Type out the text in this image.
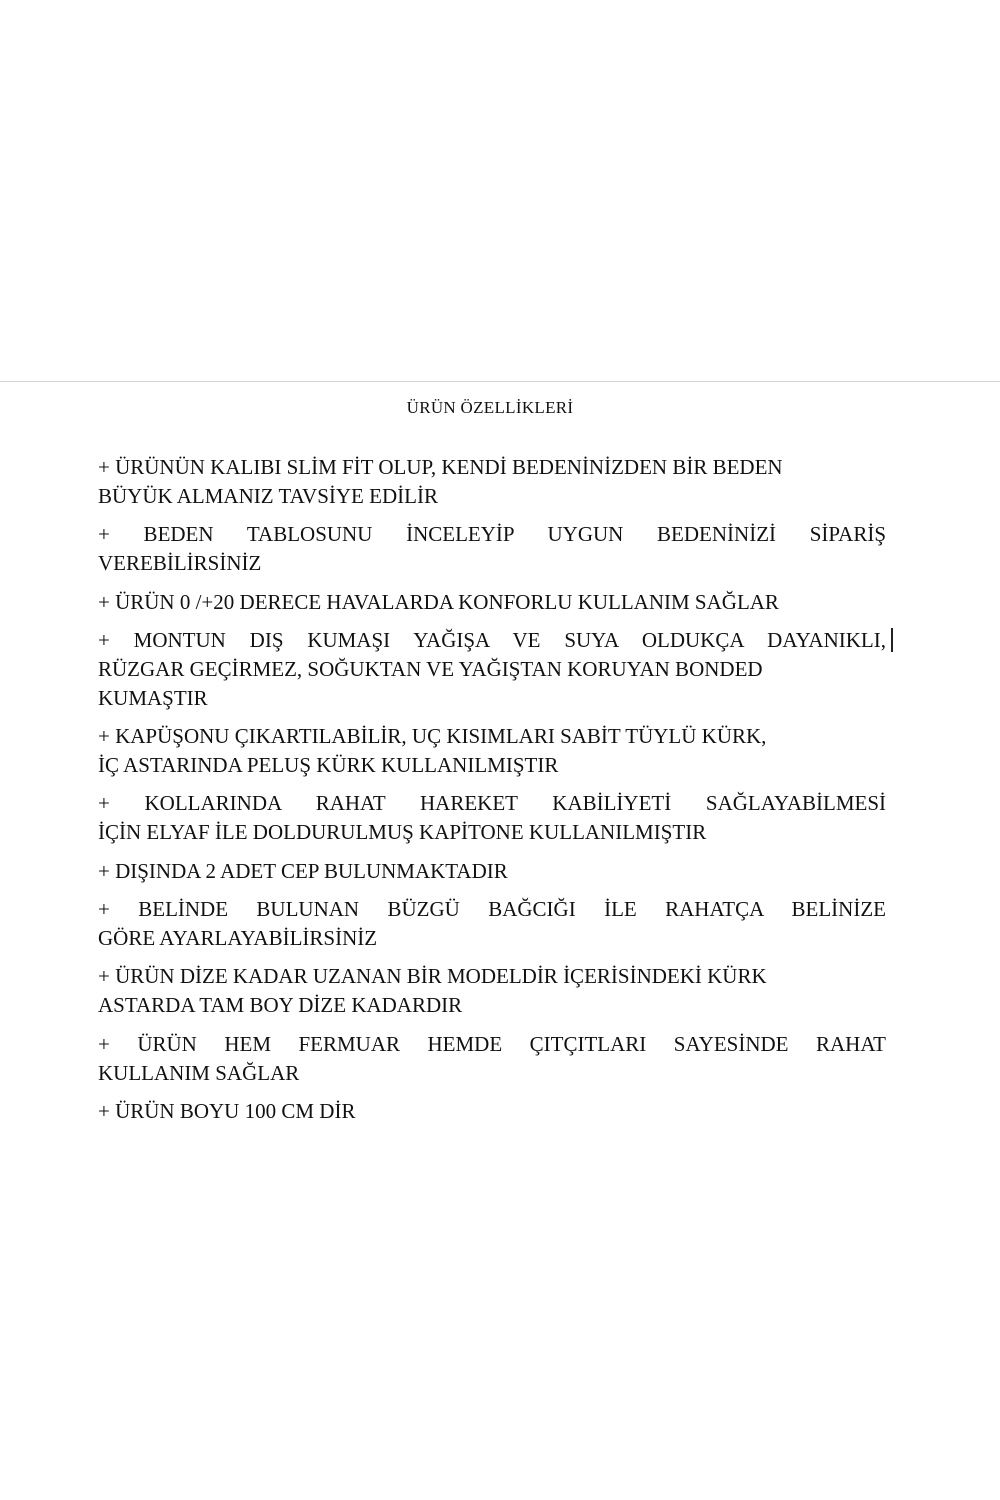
ÜRÜN ÖZELLİKLERİ
+ ÜRÜNÜN KALIBI SLİM FİT OLUP, KENDİ BEDENİNİZDEN BİR BEDEN
BÜYÜK ALMANIZ TAVSİYE EDİLİR
+ BEDEN TABLOSUNU İNCELEYİP UYGUN BEDENİNİZİ SİPARİŞ
VEREBİLİRSİNİZ
+ ÜRÜN 0 /+20 DERECE HAVALARDA KONFORLU KULLANIM SAĞLAR
+ MONTUN DIŞ KUMAŞI YAĞIŞA VE SUYA OLDUKÇA DAYANIKLI,
RÜZGAR GEÇİRMEZ, SOĞUKTAN VE YAĞIŞTAN KORUYAN BONDED
KUMAŞTIR
+ KAPÜŞONU ÇIKARTILABİLİR, UÇ KISIMLARI SABİT TÜYLÜ KÜRK,
İÇ ASTARINDA PELUŞ KÜRK KULLANILMIŞTIR
+ KOLLARINDA RAHAT HAREKET KABİLİYETİ SAĞLAYABİLMESİ
İÇİN ELYAF İLE DOLDURULMUŞ KAPİTONE KULLANILMIŞTIR
+ DIŞINDA 2 ADET CEP BULUNMAKTADIR
+ BELİNDE BULUNAN BÜZGÜ BAĞCIĞI İLE RAHATÇA BELİNİZE
GÖRE AYARLAYABİLİRSİNİZ
+ ÜRÜN DİZE KADAR UZANAN BİR MODELDİR İÇERİSİNDEKİ KÜRK
ASTARDA TAM BOY DİZE KADARDIR
+ ÜRÜN HEM FERMUAR HEMDE ÇITÇITLARI SAYESİNDE RAHAT
KULLANIM SAĞLAR
+ ÜRÜN BOYU 100 CM DİR
